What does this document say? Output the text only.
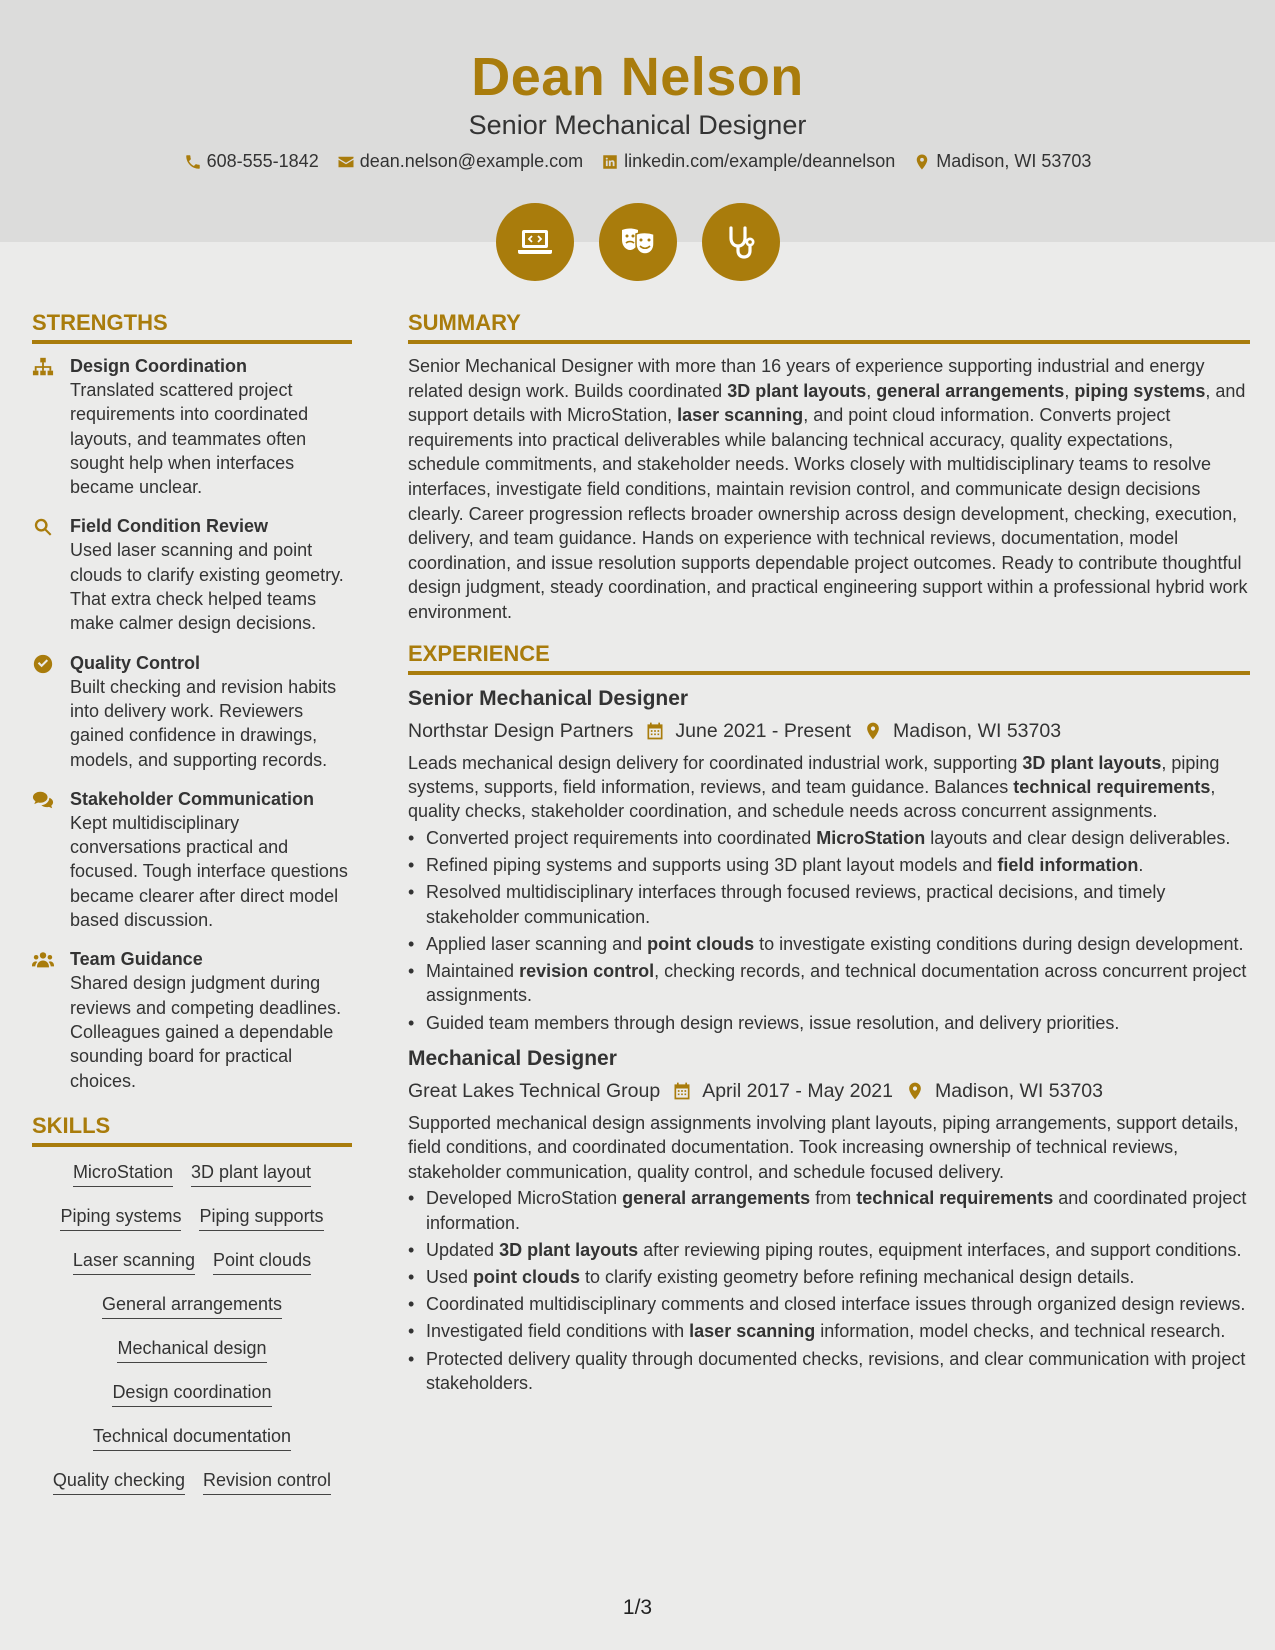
Dean Nelson
Senior Mechanical Designer
608-555-1842 dean.nelson@example.com linkedin.com/example/deannelson Madison, WI 53703
STRENGTHS
Design Coordination
Translated scattered project requirements into coordinated layouts, and teammates often sought help when interfaces became unclear.
Field Condition Review
Used laser scanning and point clouds to clarify existing geometry. That extra check helped teams make calmer design decisions.
Quality Control
Built checking and revision habits into delivery work. Reviewers gained confidence in drawings, models, and supporting records.
Stakeholder Communication
Kept multidisciplinary conversations practical and focused. Tough interface questions became clearer after direct model based discussion.
Team Guidance
Shared design judgment during reviews and competing deadlines. Colleagues gained a dependable sounding board for practical choices.
SKILLS
MicroStation 3D plant layout
Piping systems Piping supports
Laser scanning Point clouds
General arrangements
Mechanical design
Design coordination
Technical documentation
Quality checking Revision control
SUMMARY
Senior Mechanical Designer with more than 16 years of experience supporting industrial and energy related design work. Builds coordinated 3D plant layouts, general arrangements, piping systems, and support details with MicroStation, laser scanning, and point cloud information. Converts project requirements into practical deliverables while balancing technical accuracy, quality expectations, schedule commitments, and stakeholder needs. Works closely with multidisciplinary teams to resolve interfaces, investigate field conditions, maintain revision control, and communicate design decisions clearly. Career progression reflects broader ownership across design development, checking, execution, delivery, and team guidance. Hands on experience with technical reviews, documentation, model coordination, and issue resolution supports dependable project outcomes. Ready to contribute thoughtful design judgment, steady coordination, and practical engineering support within a professional hybrid work environment.
EXPERIENCE
Senior Mechanical Designer
Northstar Design Partners June 2021 - Present Madison, WI 53703
Leads mechanical design delivery for coordinated industrial work, supporting 3D plant layouts, piping systems, supports, field information, reviews, and team guidance. Balances technical requirements, quality checks, stakeholder coordination, and schedule needs across concurrent assignments.
• Converted project requirements into coordinated MicroStation layouts and clear design deliverables.
• Refined piping systems and supports using 3D plant layout models and field information.
• Resolved multidisciplinary interfaces through focused reviews, practical decisions, and timely stakeholder communication.
• Applied laser scanning and point clouds to investigate existing conditions during design development.
• Maintained revision control, checking records, and technical documentation across concurrent project assignments.
• Guided team members through design reviews, issue resolution, and delivery priorities.
Mechanical Designer
Great Lakes Technical Group April 2017 - May 2021 Madison, WI 53703
Supported mechanical design assignments involving plant layouts, piping arrangements, support details, field conditions, and coordinated documentation. Took increasing ownership of technical reviews, stakeholder communication, quality control, and schedule focused delivery.
• Developed MicroStation general arrangements from technical requirements and coordinated project information.
• Updated 3D plant layouts after reviewing piping routes, equipment interfaces, and support conditions.
• Used point clouds to clarify existing geometry before refining mechanical design details.
• Coordinated multidisciplinary comments and closed interface issues through organized design reviews.
• Investigated field conditions with laser scanning information, model checks, and technical research.
• Protected delivery quality through documented checks, revisions, and clear communication with project stakeholders.
1/3
